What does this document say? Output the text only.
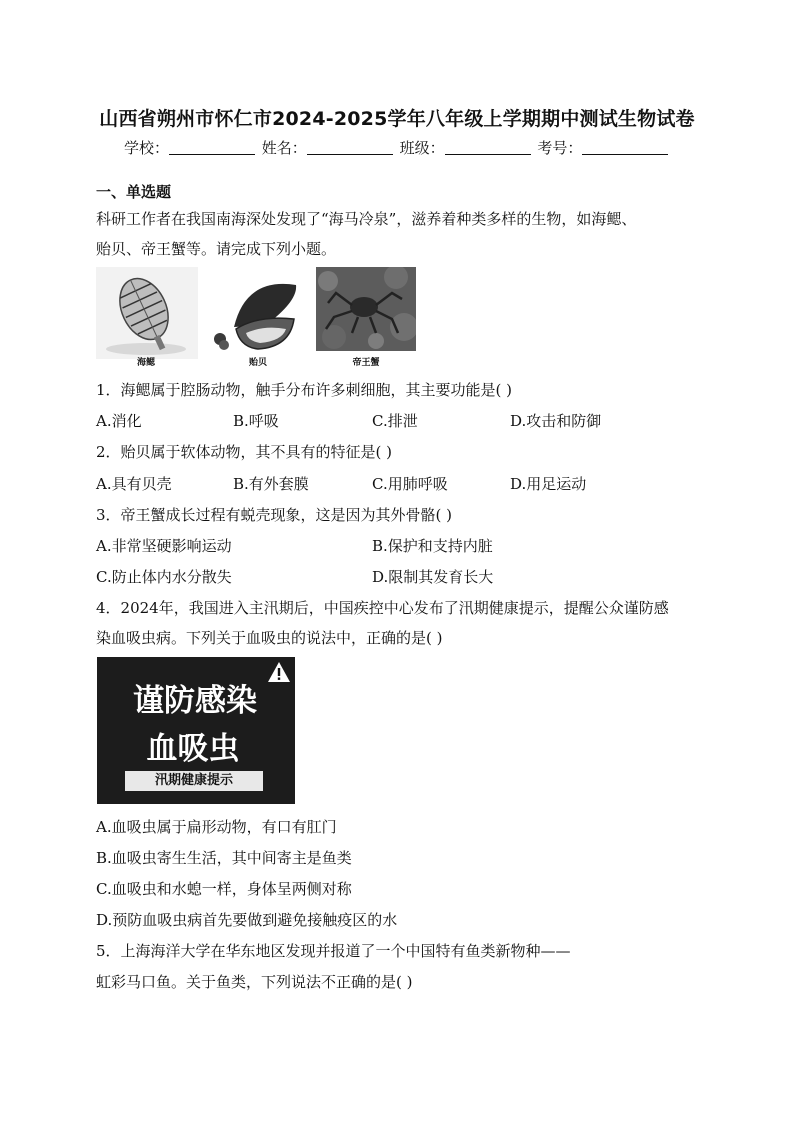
山西省朔州市怀仁市2024-2025学年八年级上学期期中测试生物试卷
学校：	姓名：	班级：	考号：
一、单选题
科研工作者在我国南海深处发现了“海马冷泉”，滋养着种类多样的生物，如海鳃、
贻贝、帝王蟹等。请完成下列小题。
海鳃	贻贝	帝王蟹
1．海鳃属于腔肠动物，触手分布许多刺细胞，其主要功能是( )
A.消化	B.呼吸	C.排泄	D.攻击和防御
2．贻贝属于软体动物，其不具有的特征是( )
A.具有贝壳	B.有外套膜	C.用肺呼吸	D.用足运动
3．帝王蟹成长过程有蜕壳现象，这是因为其外骨骼( )
A.非常坚硬影响运动	B.保护和支持内脏
C.防止体内水分散失	D.限制其发育长大
4．2024年，我国进入主汛期后，中国疾控中心发布了汛期健康提示，提醒公众谨防感
染血吸虫病。下列关于血吸虫的说法中，正确的是( )
谨防感染
血吸虫
汛期健康提示
A.血吸虫属于扁形动物，有口有肛门
B.血吸虫寄生生活，其中间寄主是鱼类
C.血吸虫和水螅一样，身体呈两侧对称
D.预防血吸虫病首先要做到避免接触疫区的水
5．上海海洋大学在华东地区发现并报道了一个中国特有鱼类新物种——
虹彩马口鱼。关于鱼类，下列说法不正确的是( )
